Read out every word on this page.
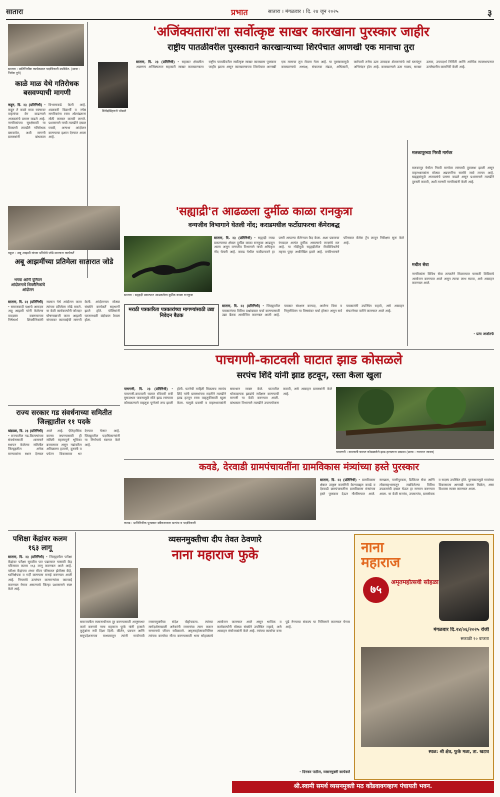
सातारा	प्रभात	सातारा । मंगळवार । दि. २४ जून २०२५	३
'अजिंक्यतारा'ला सर्वोत्कृष्ट साखर कारखाना पुरस्कार जाहीर
राष्ट्रीय पातळीवरील पुरस्काराने कारखान्याच्या शिरपेचात आणखी एक मानाचा तुरा
शिवेंद्रसिंहराजे भोसले
सातारा, दि. २३ (प्रतिनिधी) - सहकार क्षेत्रातील अग्रगण्य अजिंक्यतारा सहकारी साखर कारखान्याला राष्ट्रीय पातळीवरील सर्वोत्कृष्ट साखर कारखाना पुरस्कार जाहीर झाला असून कारखान्याच्या शिरपेचात आणखी एक मानाचा तुरा रोवला गेला आहे. या पुरस्कारामुळे कारखान्याचे अध्यक्ष, संचालक मंडळ, अधिकारी, कर्मचारी तसेच ऊस उत्पादक शेतकऱ्यांचे सर्व स्तरांतून अभिनंदन होत आहे. कारखान्याने ऊस गाळप, साखर उतारा, उपपदार्थ निर्मिती आणि आर्थिक व्यवस्थापनात उल्लेखनीय कामगिरी केली आहे.
सातारा : प्रातिनिधीक कार्यक्रमात पदाधिकारी उपस्थित. (छाया : निलेश तुपे)
काळे माळ येथे गतिरोधक बसवण्याची मागणी
कहून, दि. २३ (प्रतिनिधी) - कहून ते काळे माळ रस्त्यावर वाहनांचा वेग वाढल्याने अपघातांचे प्रमाण वाढले आहे. नागरिकांच्या सुरक्षेसाठी या ठिकाणी तातडीने गतिरोधक बसवावेत, अशी मागणी ग्रामस्थांनी बांधकाम विभागाकडे केली आहे. शाळकरी विद्यार्थी व ज्येष्ठ नागरिकांना रस्ता ओलांडताना मोठी कसरत करावी लागते. प्रशासनाने याची तातडीने दखल घ्यावी, अन्यथा आंदोलन करण्याचा इशारा देण्यात आला आहे.
वडूज : अबू आझमी यांच्या प्रतिमेचे जोडे मारताना कार्यकर्ते
अबू आझमींच्या प्रतिमेला सातारात जोडे
भगवा आणि युनियन आंदोलनाचे शिवसैनिकांचे आंदोलन
सातारा, दि. २३ (प्रतिनिधी) - समाजवादी पक्षाचे आमदार अबू आझमी यांनी केलेल्या वादग्रस्त वक्तव्याच्या निषेधार्थ शिवसैनिकांनी सातारा येथे आंदोलन करत त्यांच्या प्रतिमेला जोडे मारले. या वेळी कार्यकर्त्यांनी जोरदार घोषणाबाजी करत आझमी यांच्यावर कारवाईची मागणी केली. आंदोलनात मोठ्या संख्येने कार्यकर्ते सहभागी झाले होते. पोलिसांनी घटनास्थळी बंदोबस्त ठेवला होता.
'सह्याद्री'त आढळला दुर्मीळ काळा रानकुत्रा
वन्यजीव विभागाने घेतली नोंद; कराडमधील फर्टोग्राफरचा कॅमेराबद्ध
सातारा : सह्याद्री प्रकल्पात आढळलेला दुर्मीळ काळा रानकुत्रा
सातारा, दि. २३ (प्रतिनिधी) - सह्याद्री व्याघ्र प्रकल्पाच्या क्षेत्रात दुर्मीळ काळा रानकुत्रा आढळून आला असून वन्यजीव विभागाने याची अधिकृत नोंद घेतली आहे. कराड येथील फर्टोग्राफरने हा प्राणी आपल्या कॅमेऱ्यात कैद केला. अशा प्रकारचा रंगबदल अत्यंत दुर्मीळ असल्याचे तज्ज्ञांचे मत आहे. या नोंदीमुळे सह्याद्रीतील जैवविविधतेचे महत्त्व पुन्हा अधोरेखित झाले आहे. वनविभागाने परिसरात कॅमेरा ट्रॅप लावून निरीक्षण सुरू केले आहे.
मराठी पत्रकारिता पत्रकारांच्या मागण्यांसाठी उद्या निवेदन बैठक
सातारा, दि. २३ (प्रतिनिधी) - जिल्ह्यातील पत्रकारांच्या विविध प्रश्नांबाबत चर्चा करण्यासाठी उद्या बैठक आयोजित करण्यात आली आहे. पत्रकार संरक्षण कायदा, आरोग्य विमा व निवृत्तीवेतन या विषयांवर चर्चा होणार असून सर्व पत्रकारांनी उपस्थित राहावे, असे आवाहन संघटनेच्या वतीने करण्यात आले आहे.
मलकापूरच्या गिरवी मार्गवर
मलकापूर येथील गिरवी मार्गावर रस्त्याची दुरवस्था झाली असून वाहनधारकांना मोठ्या अडचणींना सामोरे जावे लागत आहे. खड्ड्यांमुळे अपघातांचे प्रमाण वाढले असून प्रशासनाने तातडीने दुरुस्ती करावी, अशी मागणी नागरिकांनी केली आहे.
मधील सेवा
नागरिकांना विविध सेवा तत्परतेने मिळाव्यात यासाठी शिबिराचे आयोजन करण्यात आले असून त्याचा लाभ घ्यावा, असे आवाहन करण्यात आले.
- प्रत्य अर्जातर्फे
पाचगणी-काटवली घाटात झाड कोसळले
सरपंच शिंदे यांनी झाड हटवून, रस्ता केला खुला
पाचगणी, दि. २३ (प्रतिनिधी) - पाचगणी-काटवली घाटात रविवारी रात्री मुसळधार पावसामुळे मोठे झाड रस्त्यावर कोसळल्याने वाहतूक पूर्णपणे ठप्प झाली होती. घटनेची माहिती मिळताच सरपंच शिंदे यांनी ग्रामस्थांच्या मदतीने तातडीने झाड हटवून रस्ता वाहतुकीसाठी खुला केला. यामुळे प्रवासी व वाहनधारकांनी समाधान व्यक्त केले. घाटातील धोकादायक झाडांचे सर्वेक्षण करण्याची मागणी या वेळी करण्यात आली. बांधकाम विभागाने तातडीने उपाययोजना करावी, असे आवाहन ग्रामस्थांनी केले आहे.
पाचगणी : काटवली घाटात कोसळलेले झाड हटवताना ग्रामस्थ (छाया : गजानन जाधव)
राज्य सरकार गड संवर्धनाच्या समितीत जिल्ह्यातील ११ पदके
खंडाळा, दि. २३ (प्रतिनिधी) - राज्यातील गड-किल्ल्यांच्या संवर्धनासाठी शासनाने स्थापन केलेल्या समितीत जिल्ह्यातील अनेक मान्यवरांना स्थान देण्यात आले आहे. ऐतिहासिक वारसा जपण्यासाठी ही समिती महत्त्वपूर्ण भूमिका बजावणार असून गडांवरील अतिक्रमण हटवणे, दुरुस्ती व पर्यटन विकासावर भर देण्यात येणार आहे. जिल्ह्यातील पदाधिकाऱ्यांनी या निर्णयाचे स्वागत केले आहे.
कवडे, देरवाडी ग्रामपंचायतींना ग्रामविकास मंत्र्यांच्या हस्ते पुरस्कार
कराड : प्रातिनिधीक पुरस्कार स्वीकारताना सरपंच व पदाधिकारी
सातारा, दि. २३ (प्रतिनिधी) - ग्रामविकास क्षेत्रात उत्कृष्ट कामगिरी केल्याबद्दल कवडे व देरवाडी ग्रामपंचायतींना ग्रामविकास मंत्र्यांच्या हस्ते पुरस्कार देऊन गौरविण्यात आले. स्वच्छता, पाणीपुरवठा, डिजिटल सेवा आणि लोकसहभागातून राबविलेल्या विविध उपक्रमांची दखल घेऊन हा सन्मान करण्यात आला. या वेळी सरपंच, उपसरपंच, ग्रामसेवक व सदस्य उपस्थित होते. पुरस्कारामुळे गावांच्या विकासाला आणखी चालना मिळेल, असा विश्वास व्यक्त करण्यात आला.
पशिक्षा केंद्रांवर कलम १६३ लागू
सातारा, दि. २३ (प्रतिनिधी) - जिल्ह्यातील परीक्षा केंद्रांवर परीक्षा सुरळीत पार पडाव्यात यासाठी केंद्र परिसरात कलम १६३ लागू करण्यात आले आहे. परीक्षा केंद्रांच्या शंभर मीटर परिसरात झेरॉक्स केंद्रे, ध्वनिक्षेपक व गर्दी करण्यास मनाई करण्यात आली आहे. नियमांचे उल्लंघन करणाऱ्यांवर कारवाई करण्यात येणार असल्याचे जिल्हा प्रशासनाने स्पष्ट केले आहे.
व्यसनमुक्तीचा दीप तेवत ठेवणारे
नाना महाराज फुके
समाजातील व्यसनाधीनता दूर करण्यासाठी आयुष्यभर कार्य करणारे नाना महाराज फुके यांनी हजारो कुटुंबांना नवी दिशा दिली. कीर्तन, प्रवचन आणि समुपदेशनाच्या माध्यमातून त्यांनी गावोगावी व्यसनमुक्तीचा संदेश पोहोचवला. त्यांच्या मार्गदर्शनाखाली अनेकांनी व्यसनांचा त्याग करून सन्मानाचे जीवन स्वीकारले. अमृतमहोत्सवानिमित्त त्यांच्या कार्याचा गौरव करण्यासाठी भव्य सोहळ्याचे आयोजन करण्यात आले असून भाविक व कार्यकर्त्यांनी मोठ्या संख्येने उपस्थित राहावे, असे आवाहन संयोजकांनी केले आहे. त्यांच्या कार्याचा वसा पुढे नेण्याचा संकल्प या निमित्ताने करण्यात येणार आहे.
- दिनकर पाटील, व्यसनमुक्ती कार्यकर्ते
नाना
महाराज
७५
अमृतमहोत्सवी सोहळा
मंगळवार दि.२४/०६/२०२५ रोजी
सकाळी १० वाजता
स्थळ: श्री क्षेत्र, फुके मळा, ता. खटाव
श्री.स्वामी समर्थ व्यसनमुक्ती मठ कोंडवावगव्हाण पंचायती भवन.
